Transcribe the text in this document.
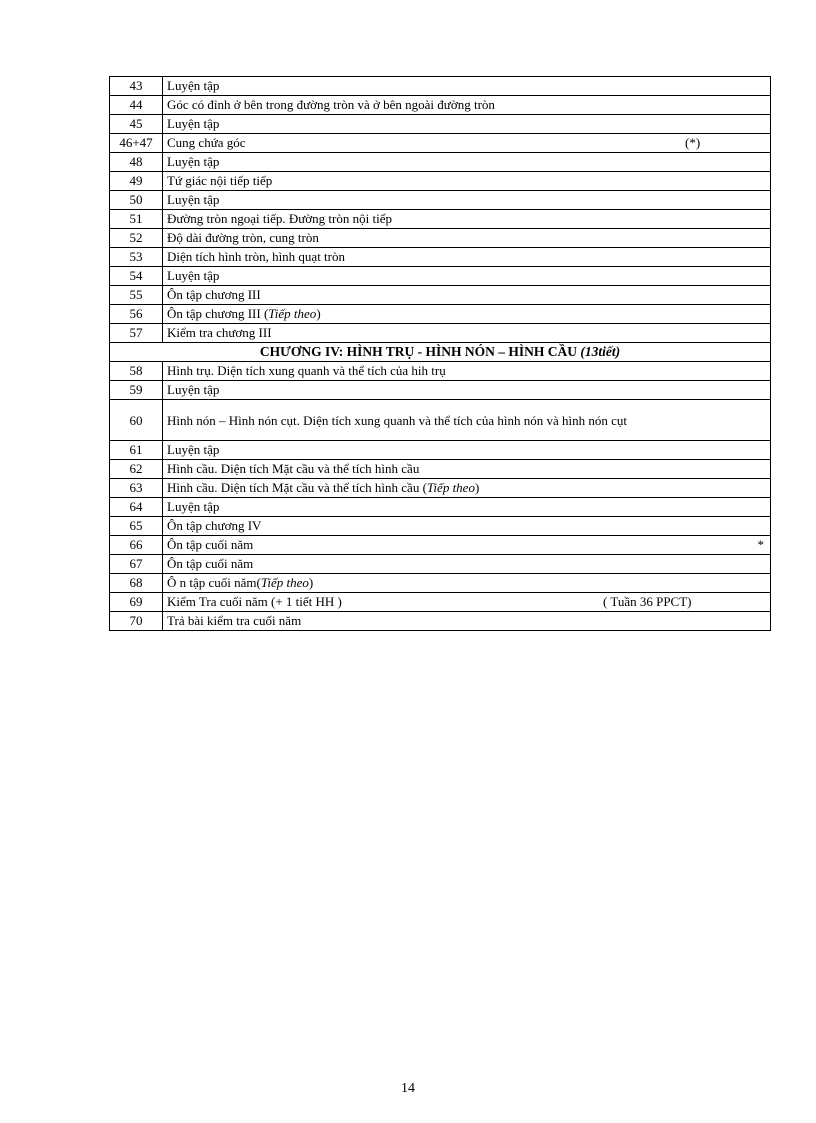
43	Luyện tập
44	Góc có đỉnh ở bên trong đường tròn và ở bên ngoài đường tròn
45	Luyện tập
46+47	Cung chứa góc (*)

48	Luyện tập
49	Tứ giác nội tiếp tiếp
50	Luyện tập
51	Đường tròn ngoại tiếp. Đường tròn nội tiếp
52	Độ dài đường tròn, cung tròn
53	Diện tích hình tròn, hình quạt tròn
54	Luyện tập
55	Ôn tập chương III
56	Ôn tập chương III (Tiếp theo)
57	Kiểm tra chương III
CHƯƠNG IV: HÌNH TRỤ - HÌNH NÓN – HÌNH CẦU (13tiết)	
58	Hình trụ. Diện tích xung quanh và thể tích của hih trụ
59	Luyện tập
60	Hình nón – Hình nón cụt. Diện tích xung quanh và thể tích của hình nón và hình nón cụt
61	Luyện tập
62	Hình cầu. Diện tích Mặt cầu và thể tích hình cầu
63	Hình cầu. Diện tích Mặt cầu và thể tích hình cầu (Tiếp theo)
64	Luyện tập
65	Ôn tập chương IV
66	Ôn tập cuối năm *

67	Ôn tập cuối năm
68	Ô n tập cuối năm(Tiếp theo)
69	Kiểm Tra cuối năm (+ 1 tiết HH ) ( Tuần 36 PPCT)

70	Trả bài kiểm tra cuối năm
14
